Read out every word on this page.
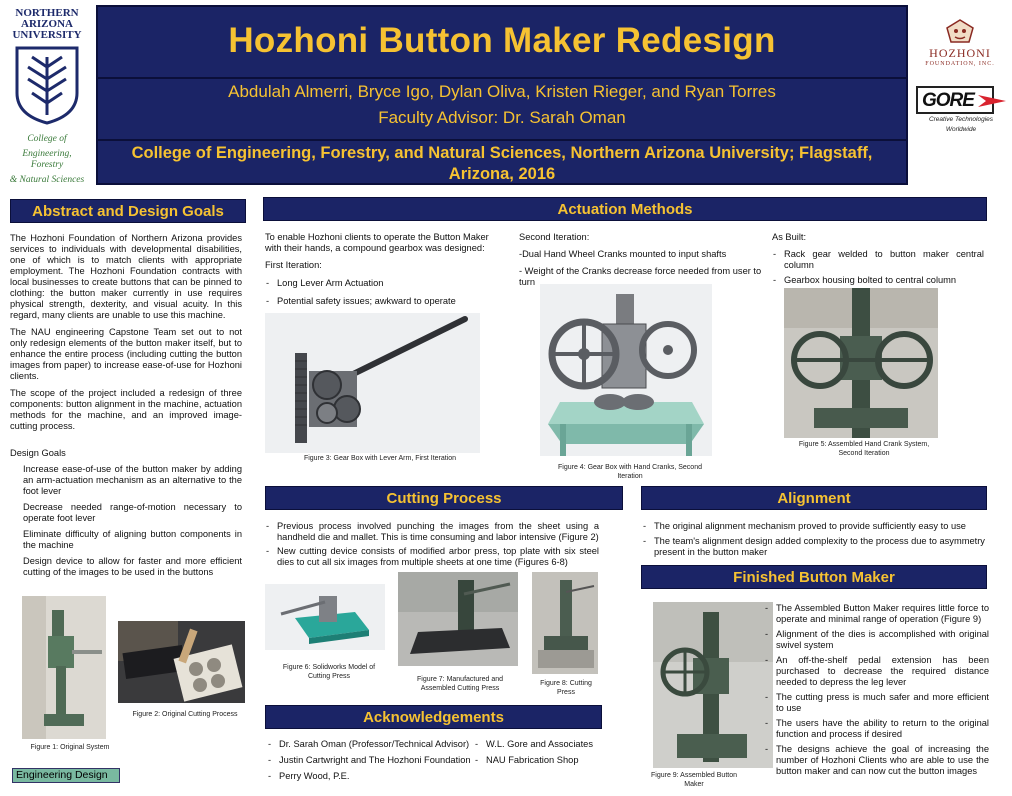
NORTHERN
ARIZONA
UNIVERSITY
College of
Engineering, Forestry
& Natural Sciences
Hozhoni Button Maker Redesign
Abdulah Almerri, Bryce Igo, Dylan Oliva, Kristen Rieger, and Ryan Torres
Faculty Advisor: Dr. Sarah Oman
College of Engineering, Forestry, and Natural Sciences, Northern Arizona University; Flagstaff, Arizona, 2016
HOZHONI
FOUNDATION, INC.
GORE
Creative Technologies
Worldwide
Abstract and Design Goals

The Hozhoni Foundation of Northern Arizona provides services to individuals with developmental disabilities, one of which is to match clients with appropriate employment. The Hozhoni Foundation contracts with local businesses to create buttons that can be pinned to clothing: the button maker currently in use requires physical strength, dexterity, and visual acuity. In this regard, many clients are unable to use this machine.

The NAU engineering Capstone Team set out to not only redesign elements of the button maker itself, but to enhance the entire process (including cutting the button images from paper) to increase ease-of-use for Hozhoni clients.

The scope of the project included a redesign of three components: button alignment in the machine, actuation methods for the machine, and an improved image-cutting process.

Design Goals

Increase ease-of-use of the button maker by adding an arm-actuation mechanism as an alternative to the foot lever

Decrease needed range-of-motion necessary to operate foot lever

Eliminate difficulty of aligning button components in the machine

Design device to allow for faster and more efficient cutting of the images to be used in the buttons

Figure 1: Original System
Figure 2: Original Cutting Process
Engineering Design
Actuation Methods

To enable Hozhoni clients to operate the Button Maker with their hands, a compound gearbox was designed:

First Iteration:

- Long Lever Arm Actuation
- Potential safety issues; awkward to operate

Second Iteration:

-Dual Hand Wheel Cranks mounted to input shafts

- Weight of the Cranks decrease force needed from user to turn

As Built:

- Rack gear welded to button maker central column
- Gearbox housing bolted to central column
Figure 3: Gear Box with Lever Arm, First Iteration
Figure 4: Gear Box with Hand Cranks, Second Iteration
Figure 5: Assembled Hand Crank System, Second Iteration
Cutting Process
- Previous process involved punching the images from the sheet using a handheld die and mallet. This is time consuming and labor intensive (Figure 2)
- New cutting device consists of modified arbor press, top plate with six steel dies to cut all six images from multiple sheets at one time (Figures 6-8)
Figure 6: Solidworks Model of Cutting Press	Figure 7: Manufactured and Assembled Cutting Press
Figure 8: Cutting Press
Acknowledgements
- Dr. Sarah Oman (Professor/Technical Advisor)
- Justin Cartwright and The Hozhoni Foundation
- Perry Wood, P.E.
- W.L. Gore and Associates
- NAU Fabrication Shop
Alignment
- The original alignment mechanism proved to provide sufficiently easy to use
- The team's alignment design added complexity to the process due to asymmetry present in the button maker
Finished Button Maker
Figure 9: Assembled Button Maker
- The Assembled Button Maker requires little force to operate and minimal range of operation (Figure 9)
- Alignment of the dies is accomplished with original swivel system
- An off-the-shelf pedal extension has been purchased to decrease the required distance needed to depress the leg lever
- The cutting press is much safer and more efficient to use
- The users have the ability to return to the original function and process if desired
- The designs achieve the goal of increasing the number of Hozhoni Clients who are able to use the button maker and can now cut the button images
